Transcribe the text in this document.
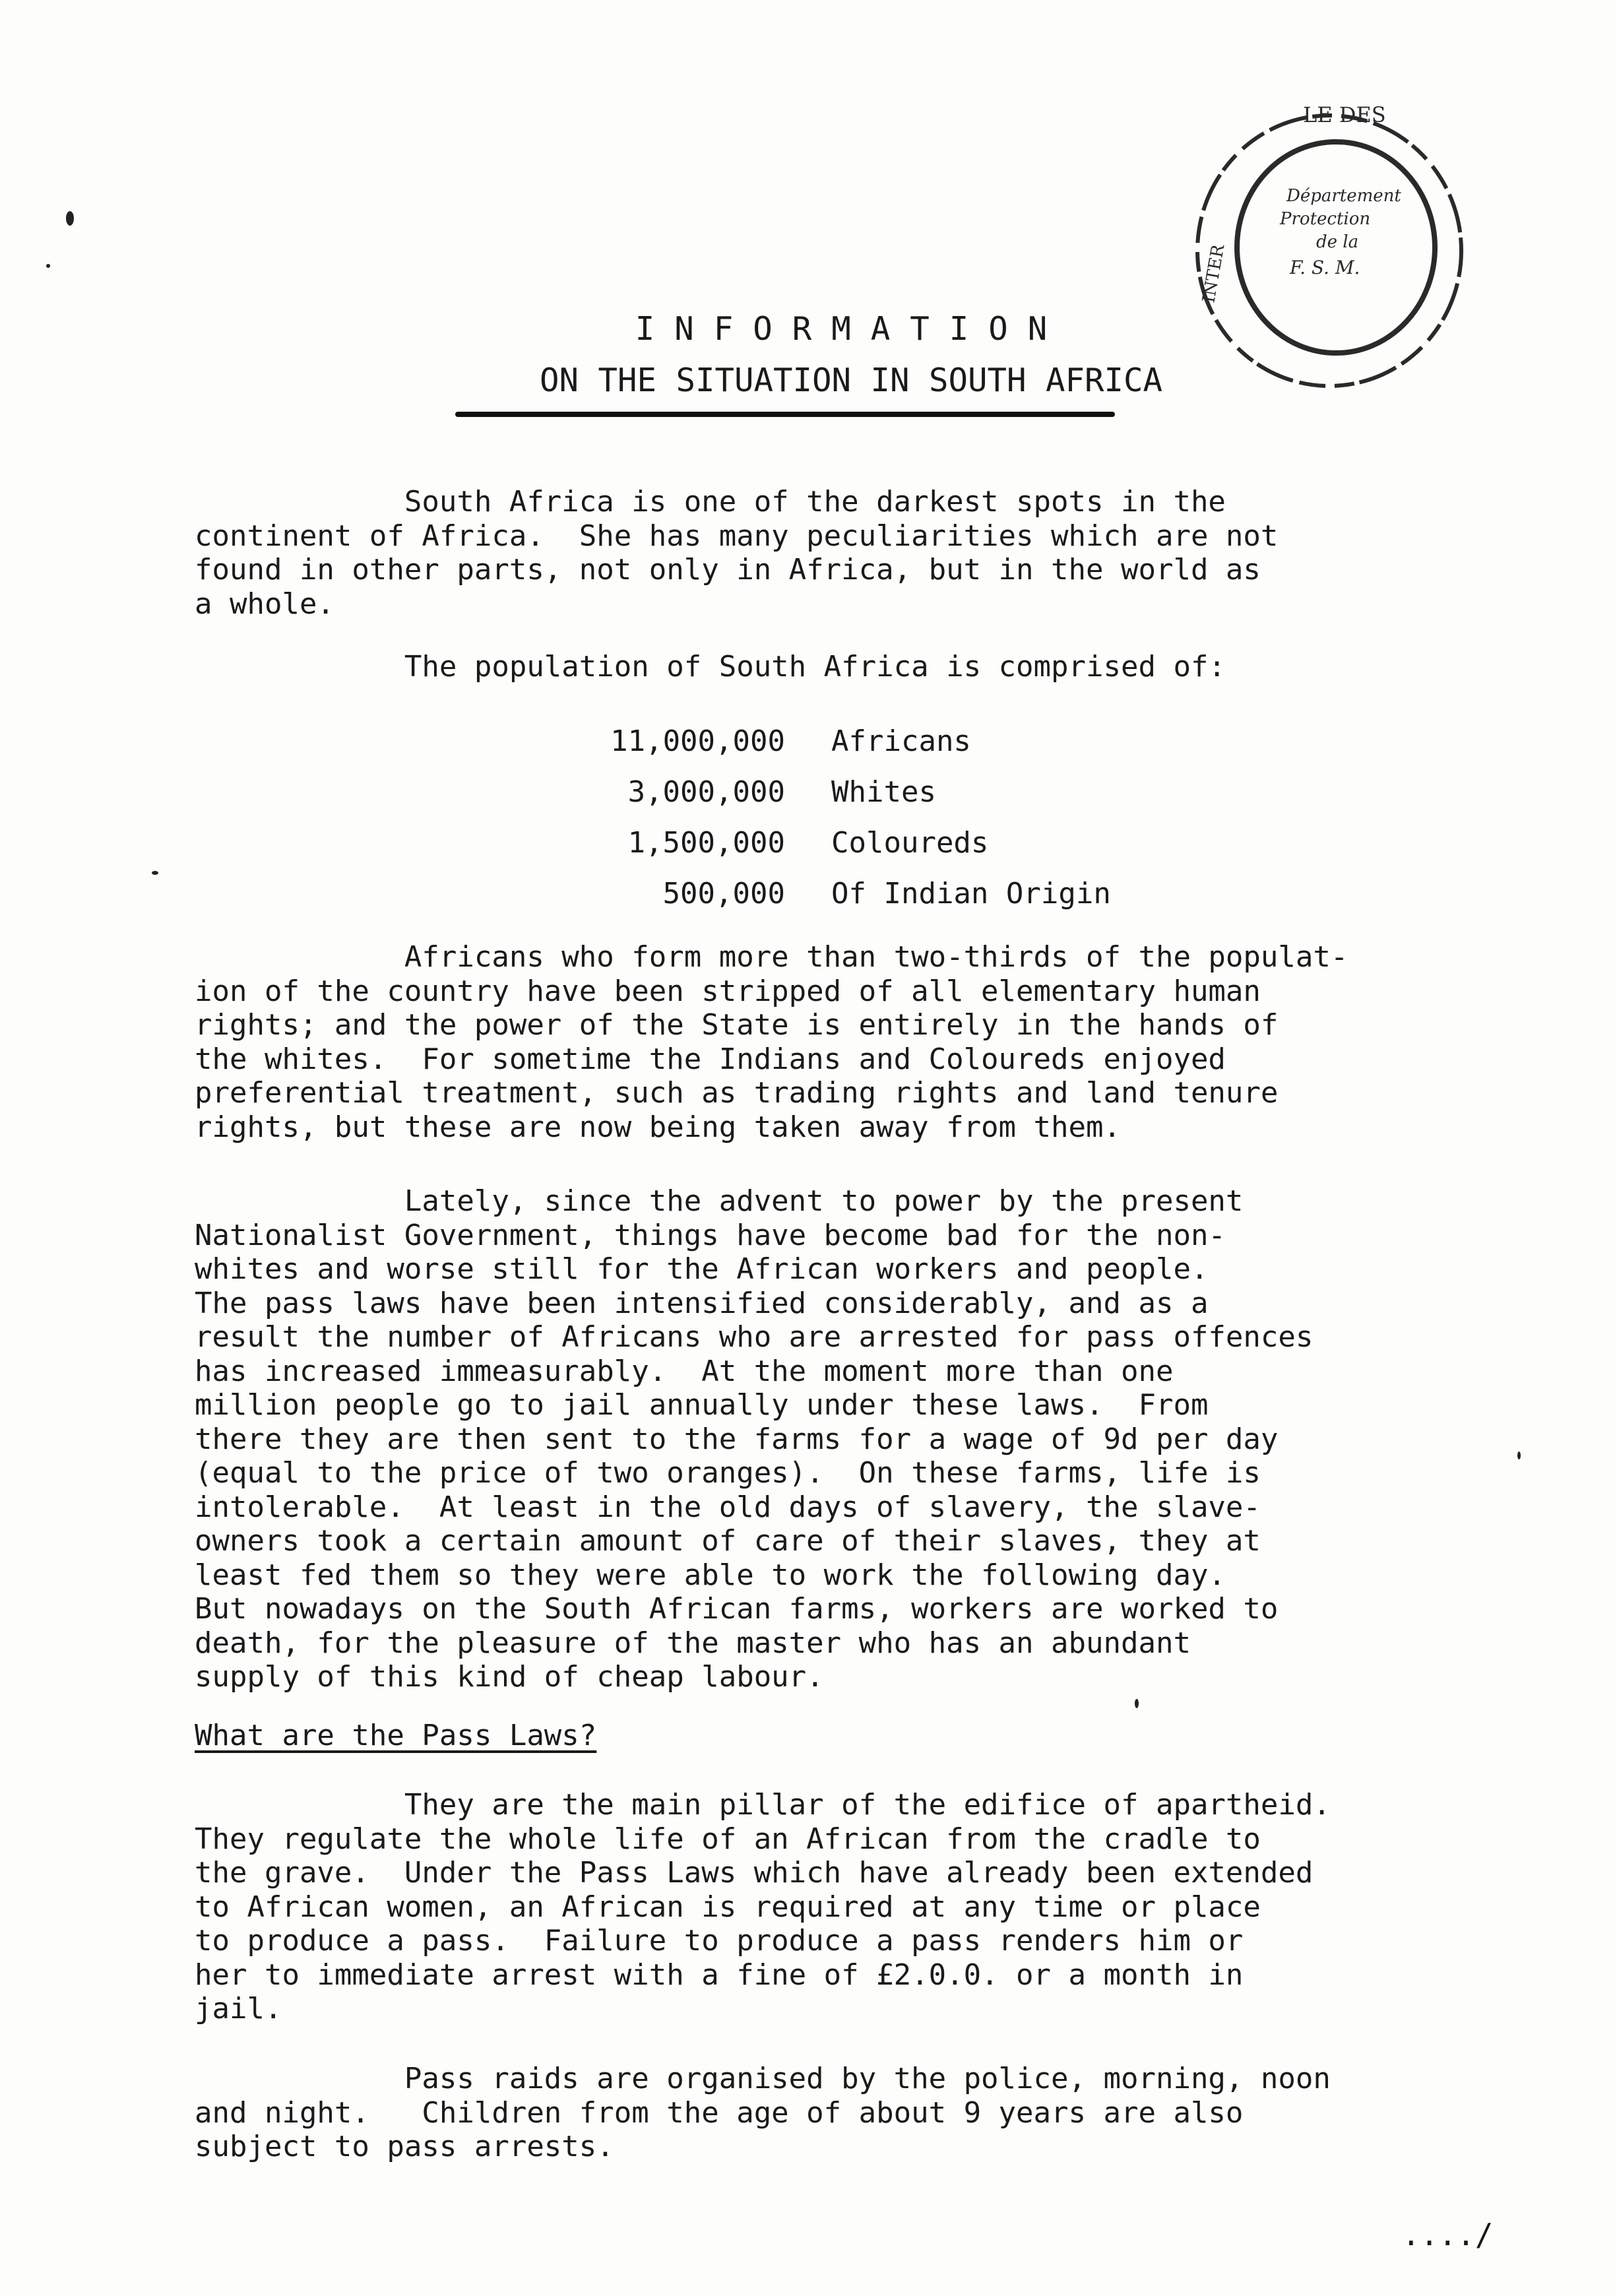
LE DES
Département
Protection
de la
F. S. M.
INTER
INFORMATION
ON THE SITUATION IN SOUTH AFRICA
South Africa is one of the darkest spots in the
continent of Africa.  She has many peculiarities which are not
found in other parts, not only in Africa, but in the world as
a whole.
The population of South Africa is comprised of:
11,000,000 Africans
3,000,000 Whites
1,500,000 Coloureds
500,000 Of Indian Origin
Africans who form more than two-thirds of the populat-
ion of the country have been stripped of all elementary human
rights; and the power of the State is entirely in the hands of
the whites.  For sometime the Indians and Coloureds enjoyed
preferential treatment, such as trading rights and land tenure
rights, but these are now being taken away from them.
Lately, since the advent to power by the present
Nationalist Government, things have become bad for the non-
whites and worse still for the African workers and people.
The pass laws have been intensified considerably, and as a
result the number of Africans who are arrested for pass offences
has increased immeasurably.  At the moment more than one
million people go to jail annually under these laws.  From
there they are then sent to the farms for a wage of 9d per day
(equal to the price of two oranges).  On these farms, life is
intolerable.  At least in the old days of slavery, the slave-
owners took a certain amount of care of their slaves, they at
least fed them so they were able to work the following day.
But nowadays on the South African farms, workers are worked to
death, for the pleasure of the master who has an abundant
supply of this kind of cheap labour.
What are the Pass Laws?
They are the main pillar of the edifice of apartheid.
They regulate the whole life of an African from the cradle to
the grave.  Under the Pass Laws which have already been extended
to African women, an African is required at any time or place
to produce a pass.  Failure to produce a pass renders him or
her to immediate arrest with a fine of £2.0.0. or a month in
jail.
Pass raids are organised by the police, morning, noon
and night.   Children from the age of about 9 years are also
subject to pass arrests.
..../
